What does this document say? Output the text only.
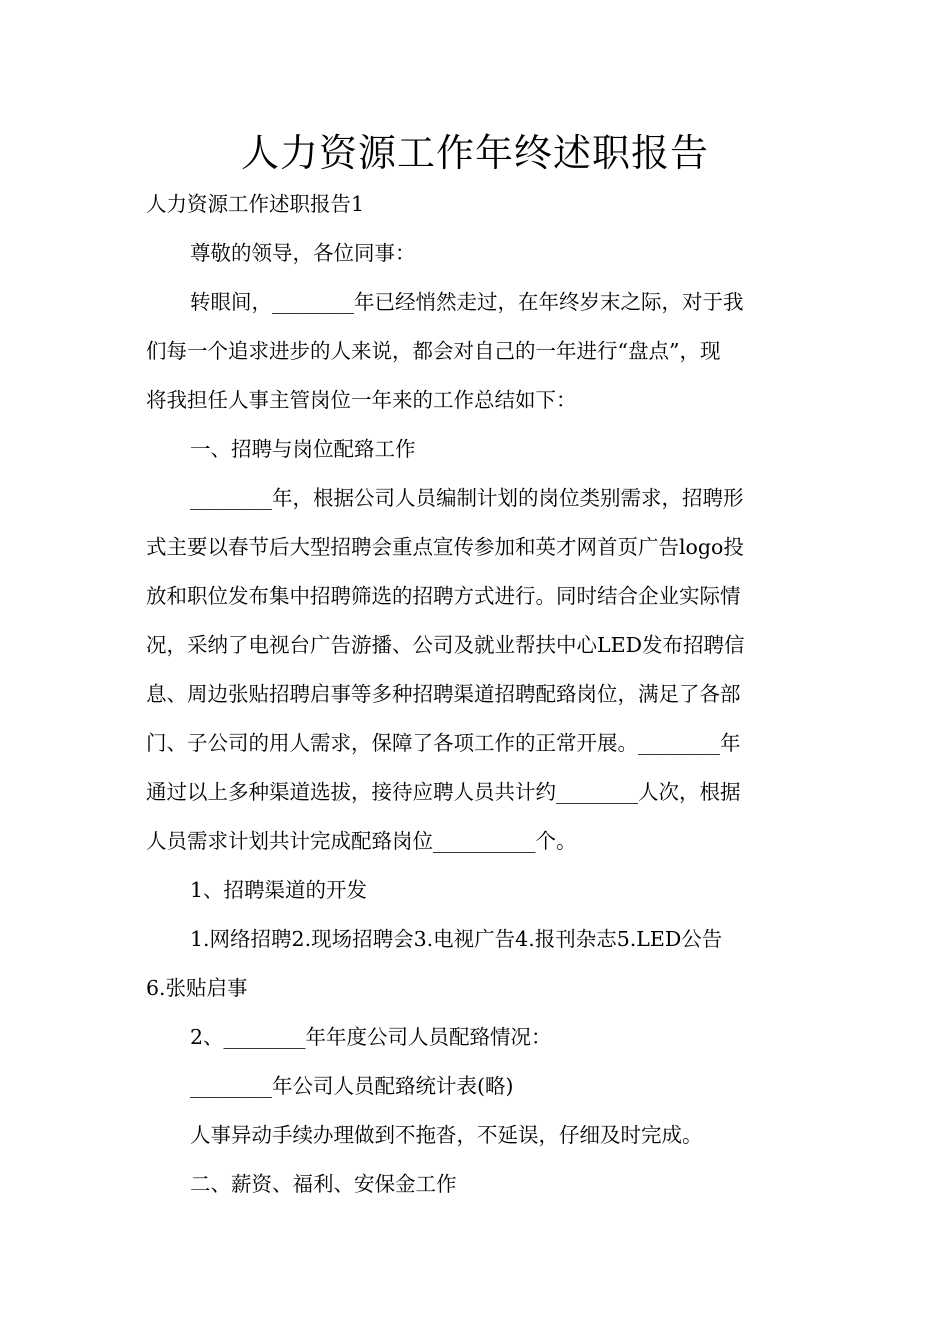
人力资源工作年终述职报告
人力资源工作述职报告1
尊敬的领导，各位同事：
转眼间，________年已经悄然走过，在年终岁末之际，对于我
们每一个追求进步的人来说，都会对自己的一年进行“盘点”，现
将我担任人事主管岗位一年来的工作总结如下：
一、招聘与岗位配臵工作
________年，根据公司人员编制计划的岗位类别需求，招聘形
式主要以春节后大型招聘会重点宣传参加和英才网首页广告logo投
放和职位发布集中招聘筛选的招聘方式进行。同时结合企业实际情
况，采纳了电视台广告游播、公司及就业帮扶中心LED发布招聘信
息、周边张贴招聘启事等多种招聘渠道招聘配臵岗位，满足了各部
门、子公司的用人需求，保障了各项工作的正常开展。________年
通过以上多种渠道选拔，接待应聘人员共计约________人次，根据
人员需求计划共计完成配臵岗位__________个。
1、招聘渠道的开发
1.网络招聘2.现场招聘会3.电视广告4.报刊杂志5.LED公告
6.张贴启事
2、________年年度公司人员配臵情况：
________年公司人员配臵统计表(略)
人事异动手续办理做到不拖沓，不延误，仔细及时完成。
二、薪资、福利、安保金工作
